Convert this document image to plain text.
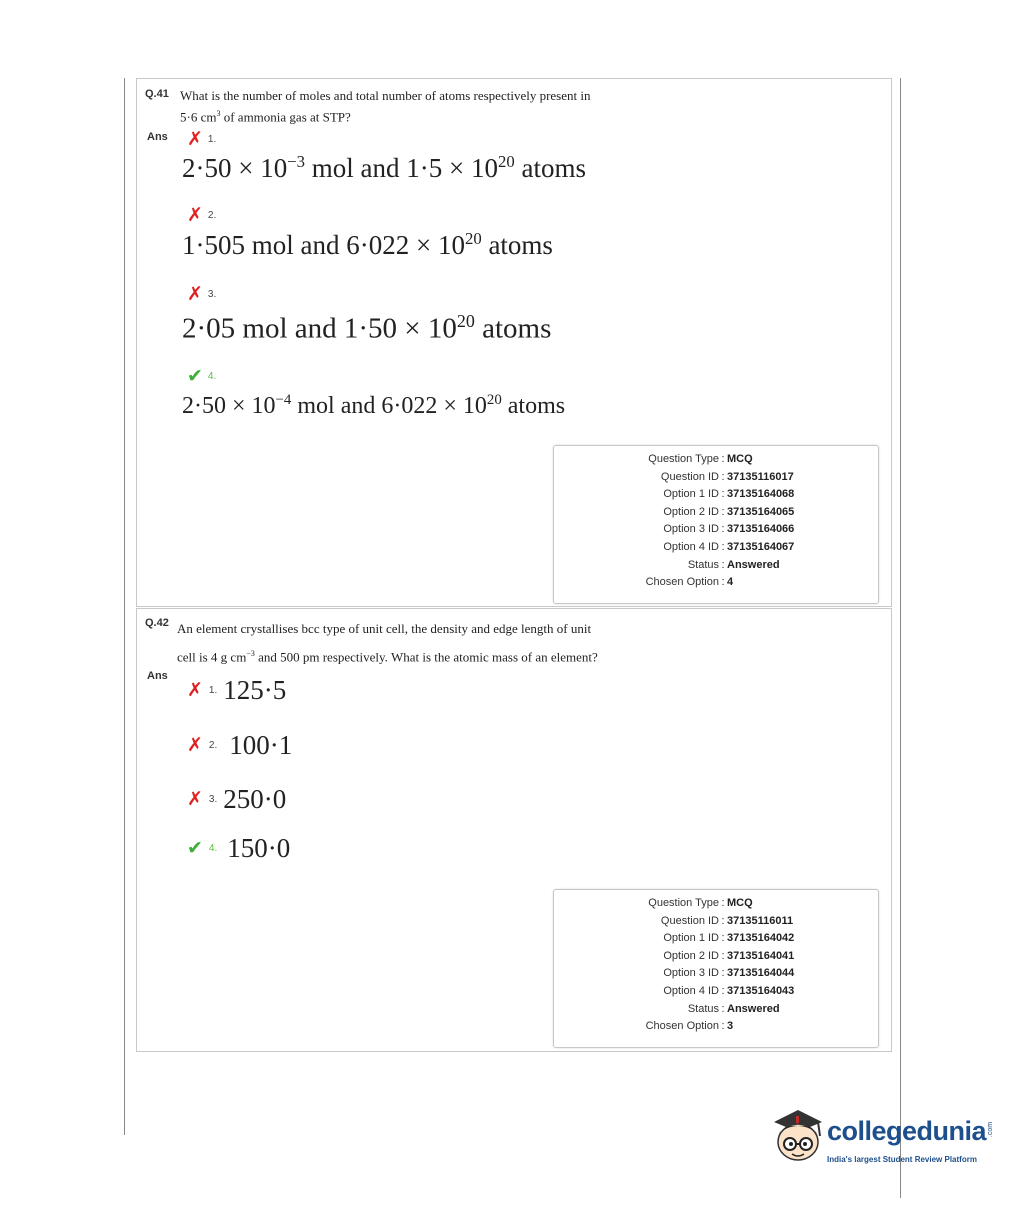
Q.41 What is the number of moles and total number of atoms respectively present in
5·6 $cm^3$ of ammonia gas at STP?
Ans ✗ 1.
$2\cdot 50 \times 10^{-3}$ mol and $1\cdot 5 \times 10^{20}$ atoms
✗ 2.
1·505 mol and $6\cdot 022 \times 10^{20}$ atoms
✗ 3.
2·05 mol and $1\cdot 50 \times 10^{20}$ atoms
✔ 4.
$2\cdot 50 \times 10^{-4}$ mol and $6\cdot 022 \times 10^{20}$ atoms
Question Type : MCQ
Question ID : 37135116017
Option 1 ID : 37135164068
Option 2 ID : 37135164065
Option 3 ID : 37135164066
Option 4 ID : 37135164067
Status : Answered
Chosen Option : 4
Q.42 An element crystallises bcc type of unit cell, the density and edge length of unit
cell is 4 g $cm^{-3}$ and 500 pm respectively. What is the atomic mass of an element?
Ans
✗ 1. 125·5
✗ 2. 100·1
✗ 3. 250·0
✔ 4. 150·0
Question Type : MCQ
Question ID : 37135116011
Option 1 ID : 37135164042
Option 2 ID : 37135164041
Option 3 ID : 37135164044
Option 4 ID : 37135164043
Status : Answered
Chosen Option : 3
collegedunia .com
India's largest Student Review Platform
